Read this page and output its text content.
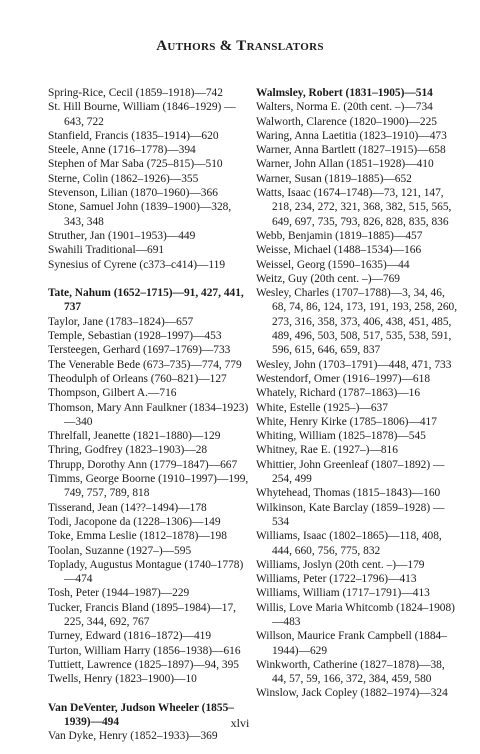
Authors & Translators

Spring-Rice, Cecil (1859–1918)—742

St. Hill Bourne, William (1846–1929) —643, 722

Stanfield, Francis (1835–1914)—620

Steele, Anne (1716–1778)—394

Stephen of Mar Saba (725–815)—510

Sterne, Colin (1862–1926)—355

Stevenson, Lilian (1870–1960)—366

Stone, Samuel John (1839–1900)—328, 343, 348

Struther, Jan (1901–1953)—449

Swahili Traditional—691

Synesius of Cyrene (c373–c414)—119

Tate, Nahum (1652–1715)—91, 427, 441, 737

Taylor, Jane (1783–1824)—657

Temple, Sebastian (1928–1997)—453

Tersteegen, Gerhard (1697–1769)—733

The Venerable Bede (673–735)—774, 779

Theodulph of Orleans (760–821)—127

Thompson, Gilbert A.—716

Thomson, Mary Ann Faulkner (1834–1923) —340

Threlfall, Jeanette (1821–1880)—129

Thring, Godfrey (1823–1903)—28

Thrupp, Dorothy Ann (1779–1847)—667

Timms, George Boorne (1910–1997)—199, 749, 757, 789, 818

Tisserand, Jean (14??–1494)—178

Todi, Jacopone da (1228–1306)—149

Toke, Emma Leslie (1812–1878)—198

Toolan, Suzanne (1927–)—595

Toplady, Augustus Montague (1740–1778) —474

Tosh, Peter (1944–1987)—229

Tucker, Francis Bland (1895–1984)—17, 225, 344, 692, 767

Turney, Edward (1816–1872)—419

Turton, William Harry (1856–1938)—616

Tuttiett, Lawrence (1825–1897)—94, 395

Twells, Henry (1823–1900)—10

Van DeVenter, Judson Wheeler (1855–1939)—494

Van Dyke, Henry (1852–1933)—369

Walmsley, Robert (1831–1905)—514

Walters, Norma E. (20th cent. –)—734

Walworth, Clarence (1820–1900)—225

Waring, Anna Laetitia (1823–1910)—473

Warner, Anna Bartlett (1827–1915)—658

Warner, John Allan (1851–1928)—410

Warner, Susan (1819–1885)—652

Watts, Isaac (1674–1748)—73, 121, 147, 218, 234, 272, 321, 368, 382, 515, 565, 649, 697, 735, 793, 826, 828, 835, 836

Webb, Benjamin (1819–1885)—457

Weisse, Michael (1488–1534)—166

Weissel, Georg (1590–1635)—44

Weitz, Guy (20th cent. –)—769

Wesley, Charles (1707–1788)—3, 34, 46, 68, 74, 86, 124, 173, 191, 193, 258, 260, 273, 316, 358, 373, 406, 438, 451, 485, 489, 496, 503, 508, 517, 535, 538, 591, 596, 615, 646, 659, 837

Wesley, John (1703–1791)—448, 471, 733

Westendorf, Omer (1916–1997)—618

Whately, Richard (1787–1863)—16

White, Estelle (1925–)—637

White, Henry Kirke (1785–1806)—417

Whiting, William (1825–1878)—545

Whitney, Rae E. (1927–)—816

Whittier, John Greenleaf (1807–1892) —254, 499

Whytehead, Thomas (1815–1843)—160

Wilkinson, Kate Barclay (1859–1928) —534

Williams, Isaac (1802–1865)—118, 408, 444, 660, 756, 775, 832

Williams, Joslyn (20th cent. –)—179

Williams, Peter (1722–1796)—413

Williams, William (1717–1791)—413

Willis, Love Maria Whitcomb (1824–1908) —483

Willson, Maurice Frank Campbell (1884–1944)—629

Winkworth, Catherine (1827–1878)—38, 44, 57, 59, 166, 372, 384, 459, 580

Winslow, Jack Copley (1882–1974)—324

xlvi
